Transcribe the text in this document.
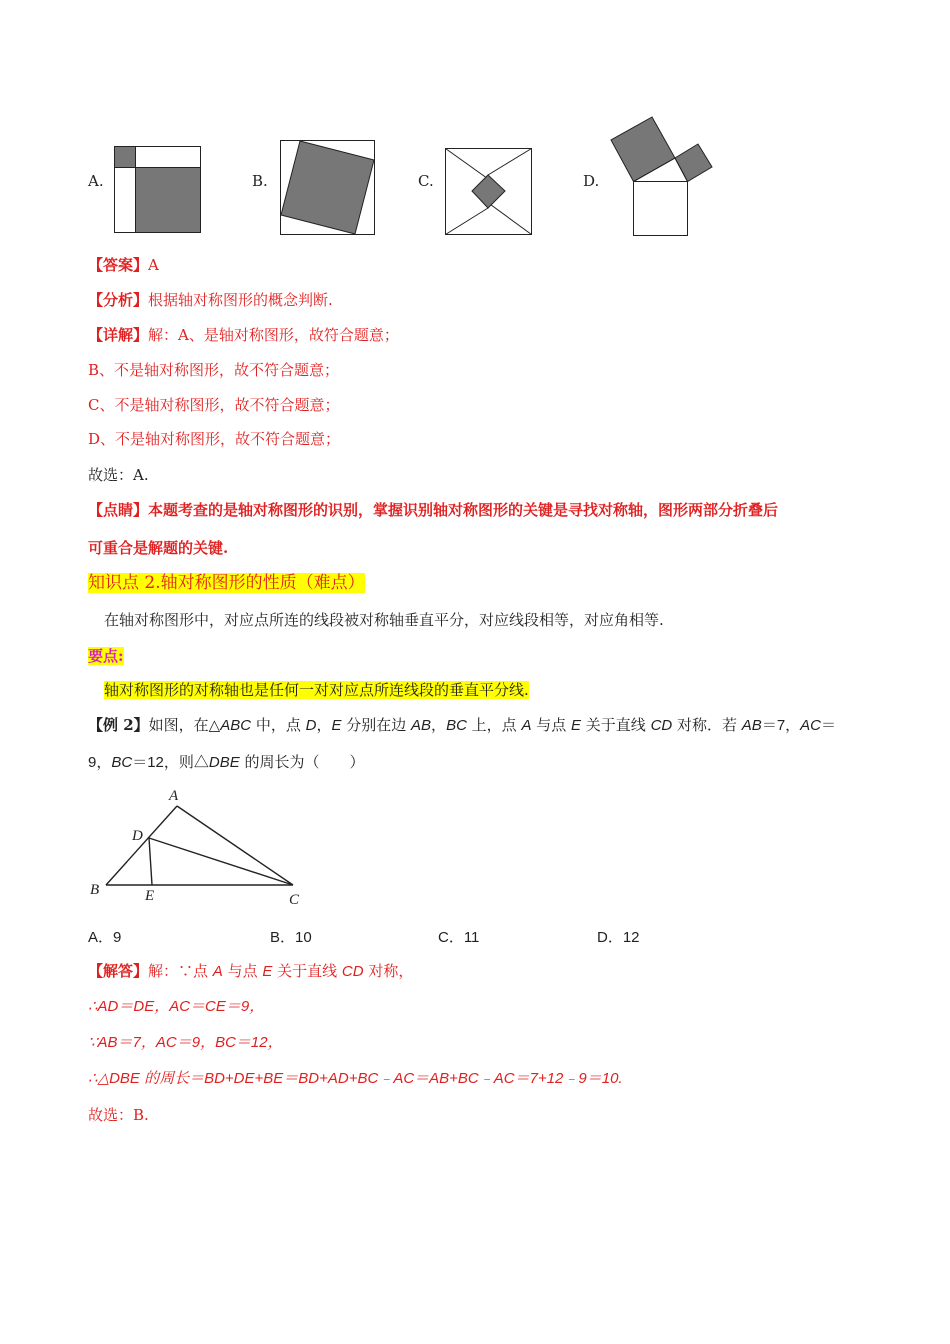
A.	B.	C.	D.
【答案】A
【分析】根据轴对称图形的概念判断.
【详解】解：A、是轴对称图形，故符合题意；
B、不是轴对称图形，故不符合题意；
C、不是轴对称图形，故不符合题意；
D、不是轴对称图形，故不符合题意；
故选：A.
【点睛】本题考查的是轴对称图形的识别，掌握识别轴对称图形的关键是寻找对称轴，图形两部分折叠后
可重合是解题的关键.
知识点 2.轴对称图形的性质（难点）
在轴对称图形中，对应点所连的线段被对称轴垂直平分，对应线段相等，对应角相等.
要点:
轴对称图形的对称轴也是任何一对对应点所连线段的垂直平分线.
【例 2】如图，在△ABC 中，点 D，E 分别在边 AB，BC 上，点 A 与点 E 关于直线 CD 对称．若 AB＝7，AC＝
9，BC＝12，则△DBE 的周长为（　　）
A
B
C
D
E
A．9	B．10	C．11	D．12
【解答】解：∵点 A 与点 E 关于直线 CD 对称，
∴AD＝DE，AC＝CE＝9，
∵AB＝7，AC＝9，BC＝12，
∴△DBE 的周长＝BD+DE+BE＝BD+AD+BC﹣AC＝AB+BC﹣AC＝7+12﹣9＝10.
故选：B.
